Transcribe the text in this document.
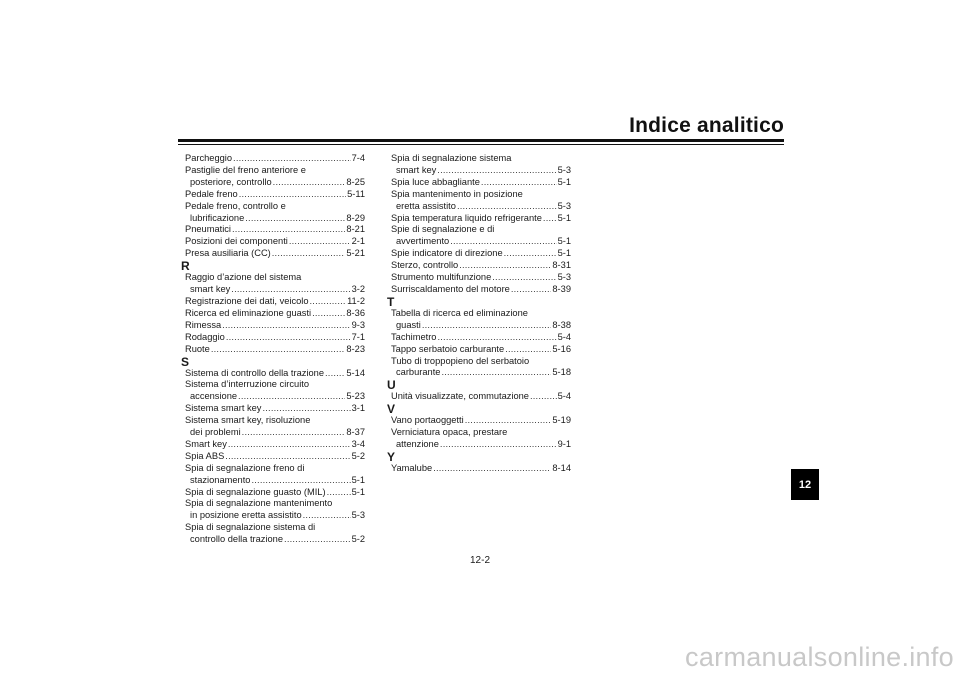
Indice analitico
Parcheggio .....	7-4
Pastiglie del freno anteriore e
posteriore, controllo .....	8-25
Pedale freno .....	5-11
Pedale freno, controllo e
lubrificazione .....	8-29
Pneumatici .....	8-21
Posizioni dei componenti .....	2-1
Presa ausiliaria (CC) .....	5-21
R
Raggio d’azione del sistema
smart key .....	3-2
Registrazione dei dati, veicolo .....	11-2
Ricerca ed eliminazione guasti .....	8-36
Rimessa .....	9-3
Rodaggio .....	7-1
Ruote .....	8-23
S
Sistema di controllo della trazione ..... 5-14
Sistema d’interruzione circuito
accensione .....	5-23
Sistema smart key .....	3-1
Sistema smart key, risoluzione
dei problemi .....	8-37
Smart key .....	3-4
Spia ABS .....	5-2
Spia di segnalazione freno di
stazionamento .....	5-1
Spia di segnalazione guasto (MIL) .....	5-1
Spia di segnalazione mantenimento
in posizione eretta assistito .....	5-3
Spia di segnalazione sistema di
controllo della trazione .....	5-2
Spia di segnalazione sistema
smart key .....	5-3
Spia luce abbagliante .....	5-1
Spia mantenimento in posizione
eretta assistito .....	5-3
Spia temperatura liquido refrigerante ..... 5-1
Spie di segnalazione e di
avvertimento .....	5-1
Spie indicatore di direzione .....	5-1
Sterzo, controllo .....	8-31
Strumento multifunzione .....	5-3
Surriscaldamento del motore .....	8-39
T
Tabella di ricerca ed eliminazione
guasti .....	8-38
Tachimetro .....	5-4
Tappo serbatoio carburante .....	5-16
Tubo di troppopieno del serbatoio
carburante .....	5-18
U
Unità visualizzate, commutazione .....	5-4
V
Vano portaoggetti .....	5-19
Verniciatura opaca, prestare
attenzione .....	9-1
Y
Yamalube .....	8-14
12
12-2
carmanualsonline.info
